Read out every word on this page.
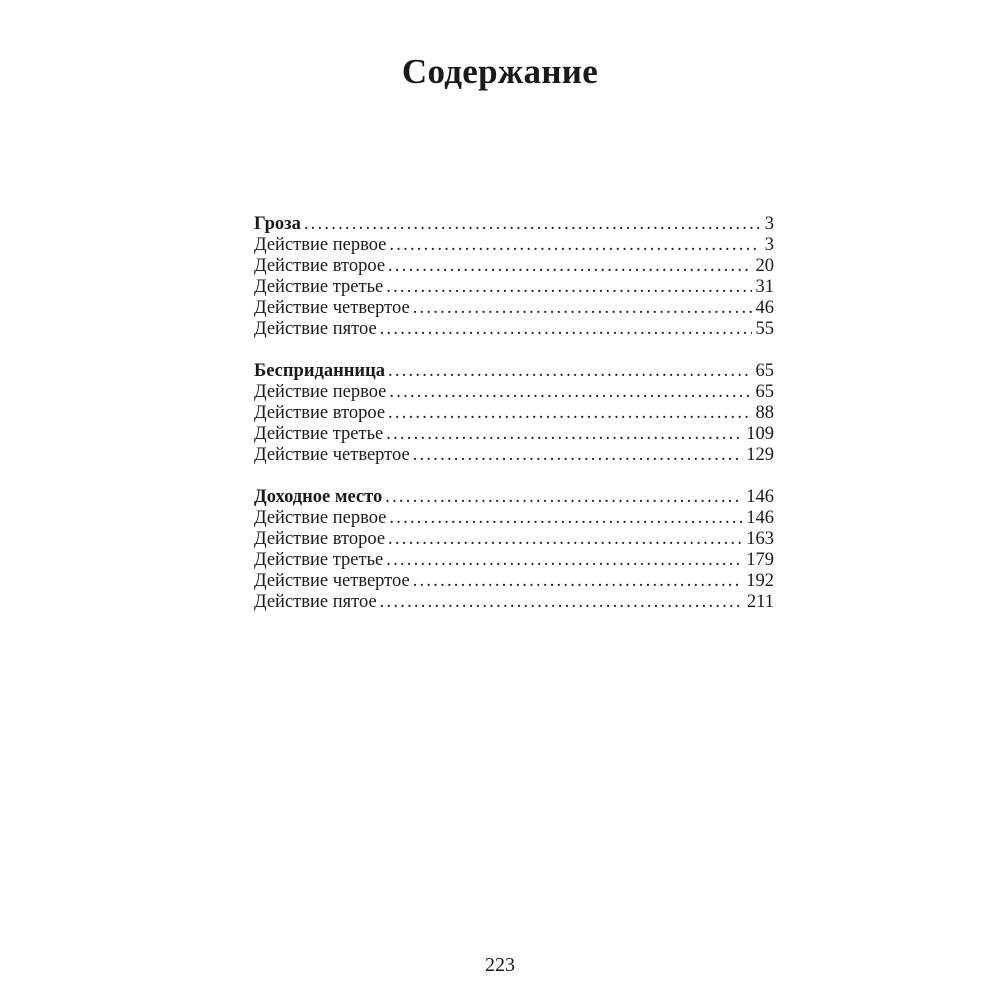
Содержание
Гроза . . .	3
Действие первое . . .	3
Действие второе . . .	20
Действие третье . . .	31
Действие четвертое . . .	46
Действие пятое . . .	55
Бесприданница . . .	65
Действие первое . . .	65
Действие второе . . .	88
Действие третье . . .	109
Действие четвертое . . .	129
Доходное место . . .	146
Действие первое . . .	146
Действие второе . . .	163
Действие третье . . .	179
Действие четвертое . . .	192
Действие пятое . . .	211

223
